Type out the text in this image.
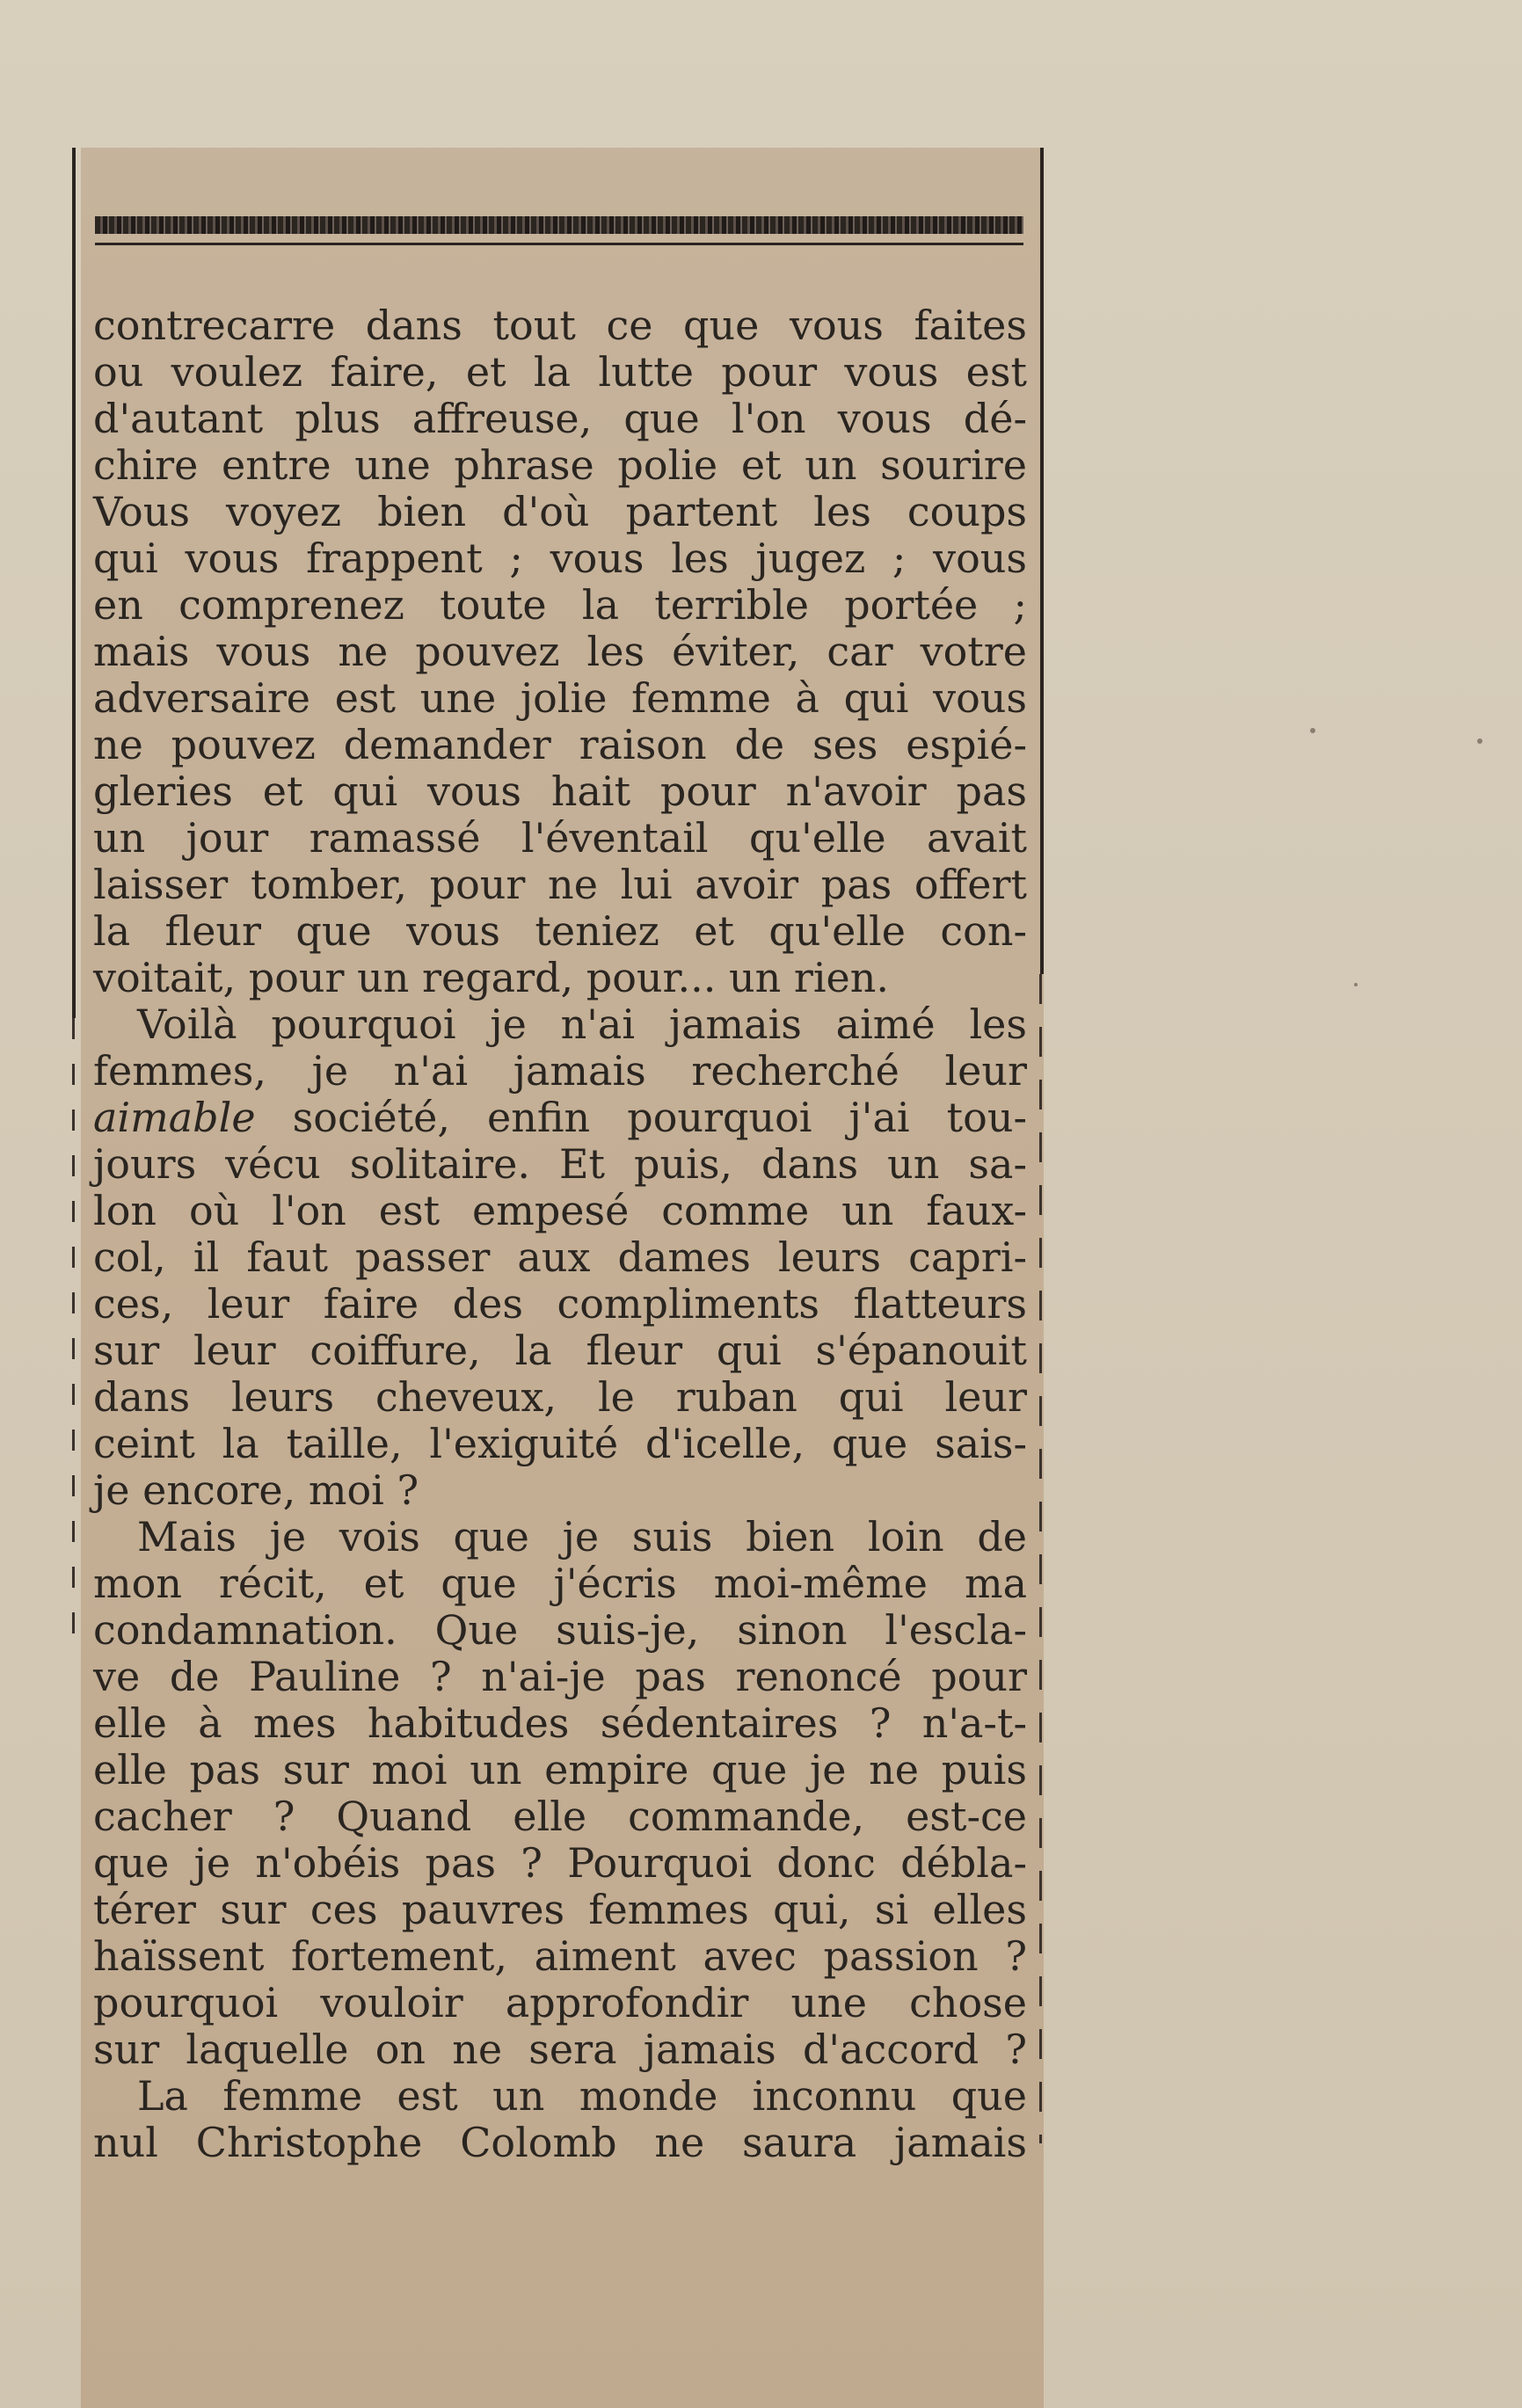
contrecarre dans tout ce que vous faites
ou voulez faire, et la lutte pour vous est
d'autant plus affreuse, que l'on vous dé-
chire entre une phrase polie et un sourire
Vous voyez bien d'où partent les coups
qui vous frappent ; vous les jugez ; vous
en comprenez toute la terrible portée ;
mais vous ne pouvez les éviter, car votre
adversaire est une jolie femme à qui vous
ne pouvez demander raison de ses espié-
gleries et qui vous hait pour n'avoir pas
un jour ramassé l'éventail qu'elle avait
laisser tomber, pour ne lui avoir pas offert
la fleur que vous teniez et qu'elle con-
voitait, pour un regard, pour... un rien.
Voilà pourquoi je n'ai jamais aimé les
femmes, je n'ai jamais recherché leur
aimable société, enfin pourquoi j'ai tou-
jours vécu solitaire. Et puis, dans un sa-
lon où l'on est empesé comme un faux-
col, il faut passer aux dames leurs capri-
ces, leur faire des compliments flatteurs
sur leur coiffure, la fleur qui s'épanouit
dans leurs cheveux, le ruban qui leur
ceint la taille, l'exiguité d'icelle, que sais-
je encore, moi ?
Mais je vois que je suis bien loin de
mon récit, et que j'écris moi-même ma
condamnation. Que suis-je, sinon l'escla-
ve de Pauline ? n'ai-je pas renoncé pour
elle à mes habitudes sédentaires ? n'a-t-
elle pas sur moi un empire que je ne puis
cacher ? Quand elle commande, est-ce
que je n'obéis pas ? Pourquoi donc débla-
térer sur ces pauvres femmes qui, si elles
haïssent fortement, aiment avec passion ?
pourquoi vouloir approfondir une chose
sur laquelle on ne sera jamais d'accord ?
La femme est un monde inconnu que
nul Christophe Colomb ne saura jamais
